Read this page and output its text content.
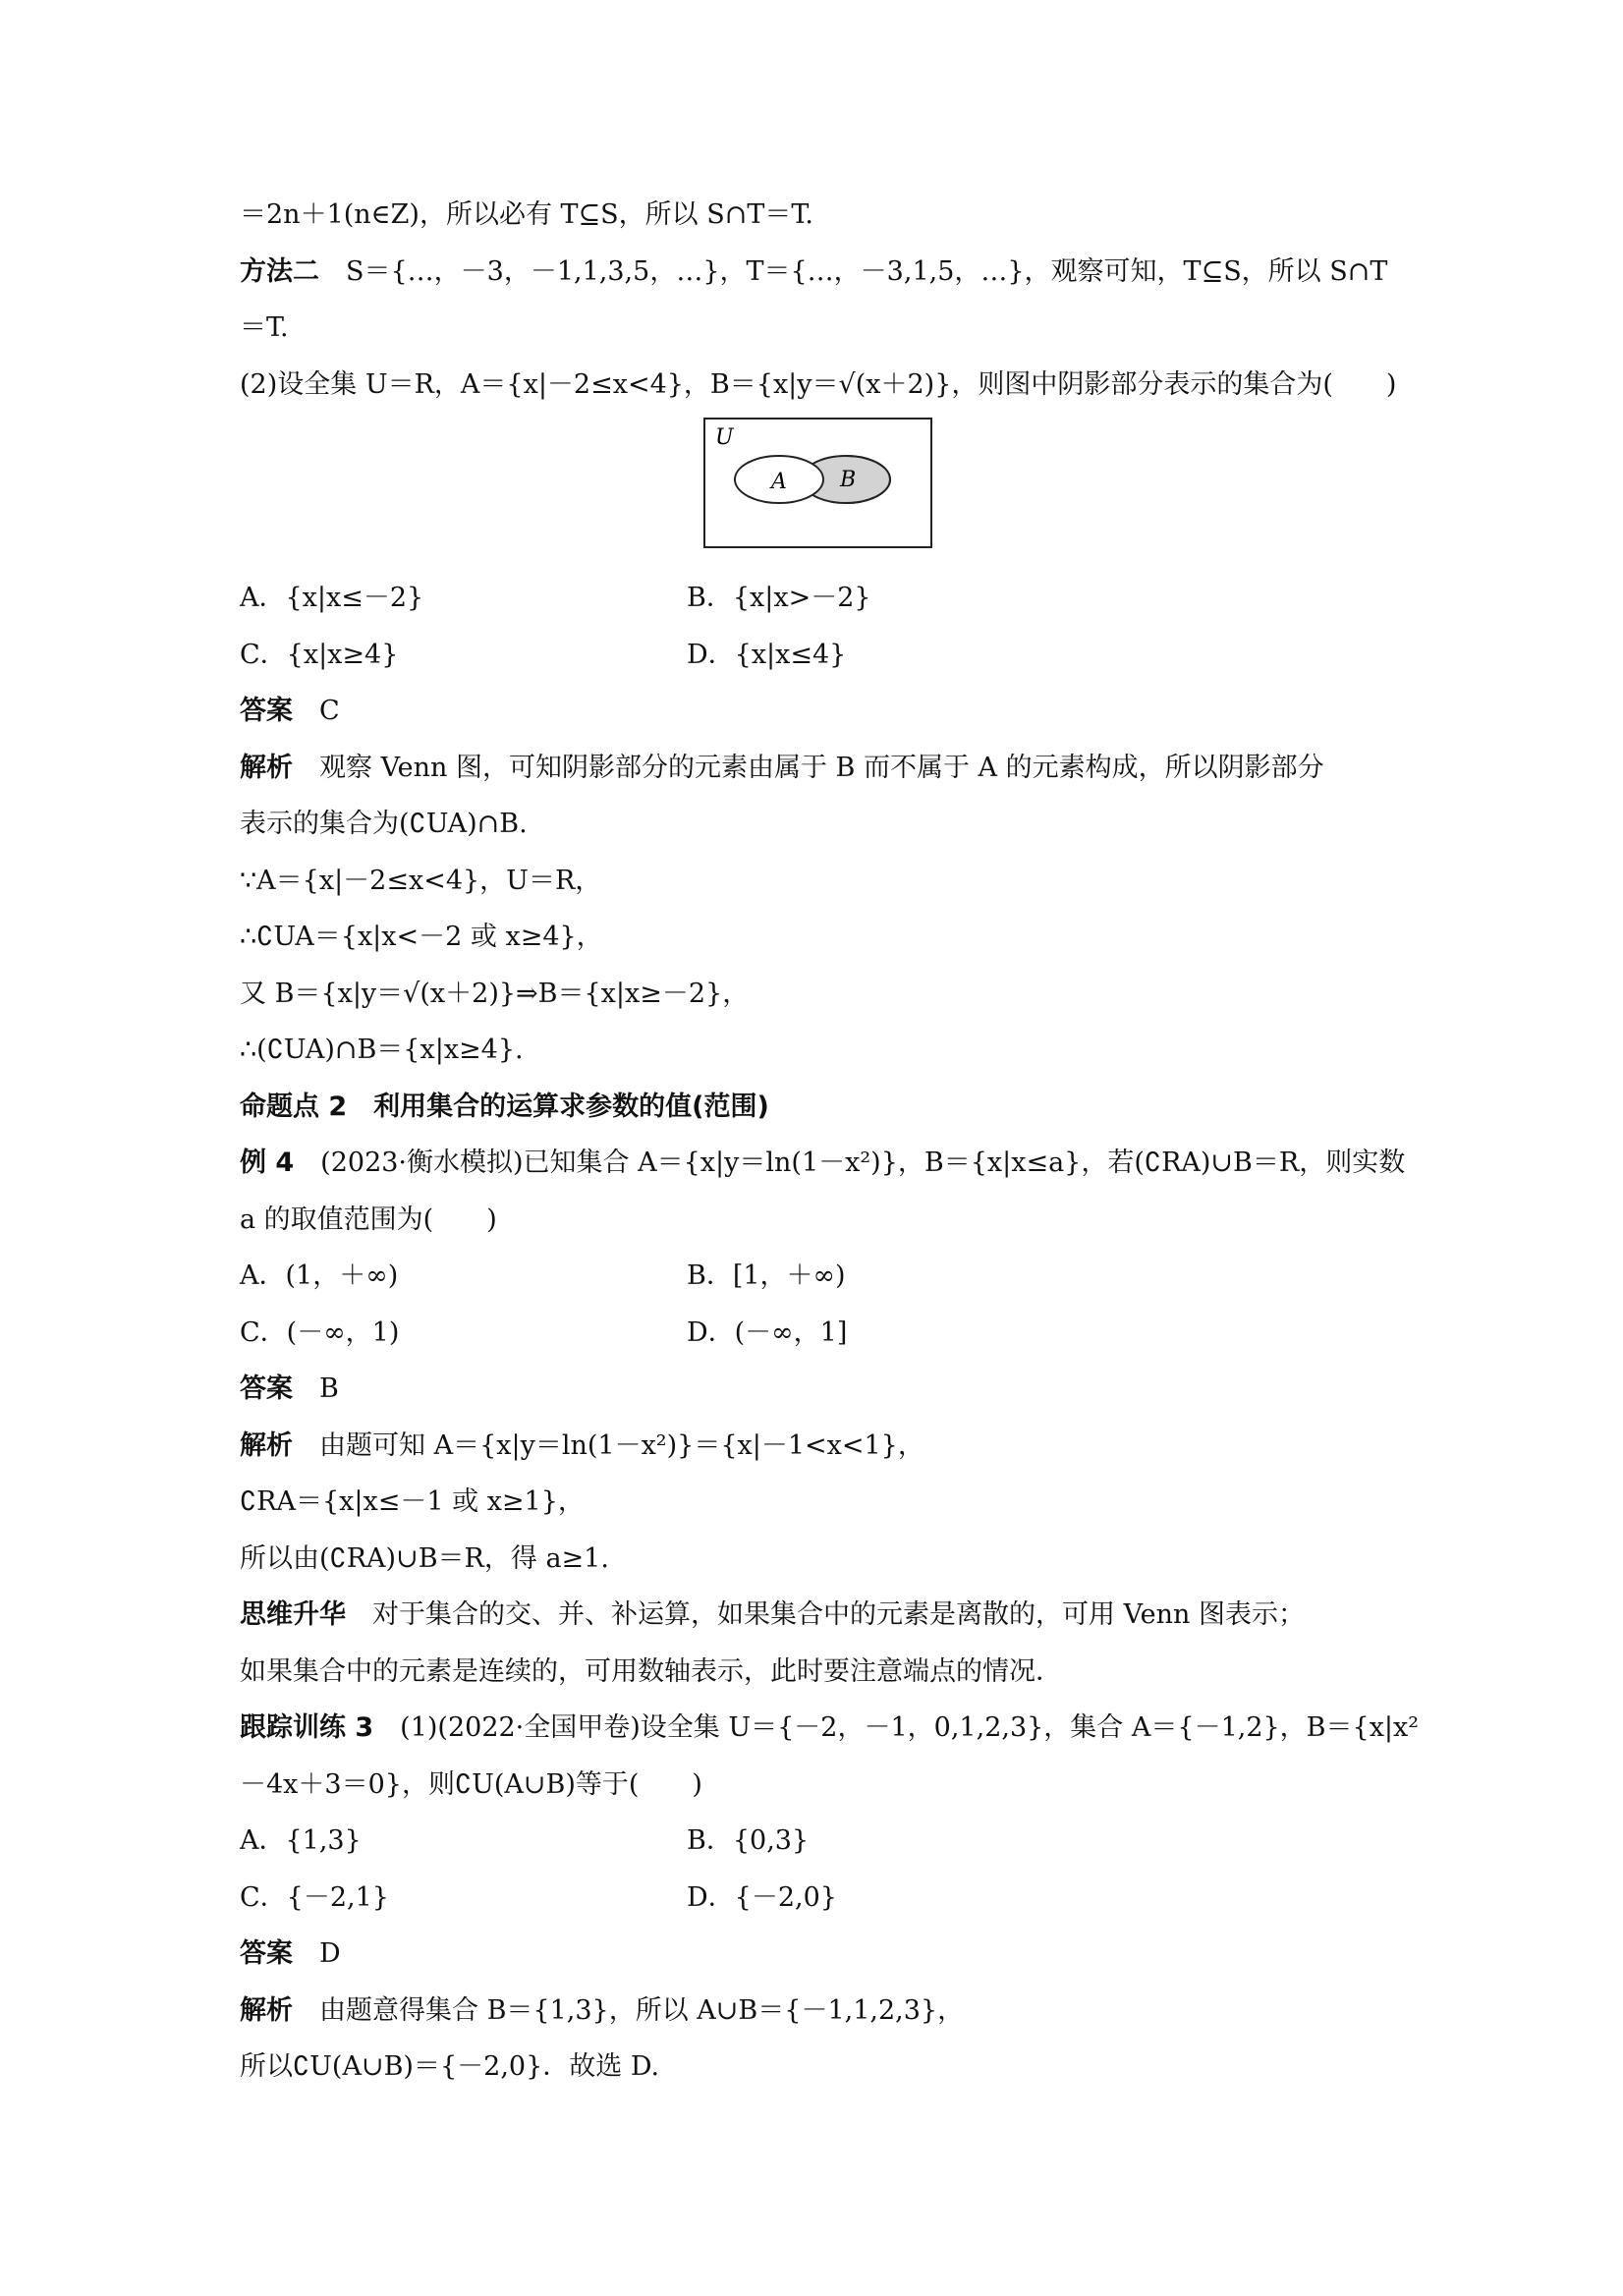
＝2n＋1(n∈Z)，所以必有 T⊆S，所以 S∩T＝T.
方法二　S＝{…，－3，－1,1,3,5，…}，T＝{…，－3,1,5，…}，观察可知，T⊆S，所以 S∩T
＝T.
(2)设全集 U＝R，A＝{x|－2≤x<4}，B＝{x|y＝√(x＋2)}，则图中阴影部分表示的集合为(　　)
U
A B
A．{x|x≤－2}	B．{x|x>－2}
C．{x|x≥4}	D．{x|x≤4}
答案　C
解析　观察 Venn 图，可知阴影部分的元素由属于 B 而不属于 A 的元素构成，所以阴影部分
表示的集合为(∁UA)∩B.
∵A＝{x|－2≤x<4}，U＝R，
∴∁UA＝{x|x<－2 或 x≥4}，
又 B＝{x|y＝√(x＋2)}⇒B＝{x|x≥－2}，
∴(∁UA)∩B＝{x|x≥4}.
命题点 2　利用集合的运算求参数的值(范围)
例 4　(2023·衡水模拟)已知集合 A＝{x|y＝ln(1－x²)}，B＝{x|x≤a}，若(∁RA)∪B＝R，则实数
a 的取值范围为(　　)
A．(1，＋∞)	B．[1，＋∞)
C．(－∞，1)	D．(－∞，1]
答案　B
解析　由题可知 A＝{x|y＝ln(1－x²)}＝{x|－1<x<1}，
∁RA＝{x|x≤－1 或 x≥1}，
所以由(∁RA)∪B＝R，得 a≥1.
思维升华　对于集合的交、并、补运算，如果集合中的元素是离散的，可用 Venn 图表示；
如果集合中的元素是连续的，可用数轴表示，此时要注意端点的情况．
跟踪训练 3　(1)(2022·全国甲卷)设全集 U＝{－2，－1，0,1,2,3}，集合 A＝{－1,2}，B＝{x|x²
－4x＋3＝0}，则∁U(A∪B)等于(　　)
A．{1,3}	B．{0,3}
C．{－2,1}	D．{－2,0}
答案　D
解析　由题意得集合 B＝{1,3}，所以 A∪B＝{－1,1,2,3}，
所以∁U(A∪B)＝{－2,0}．故选 D.
